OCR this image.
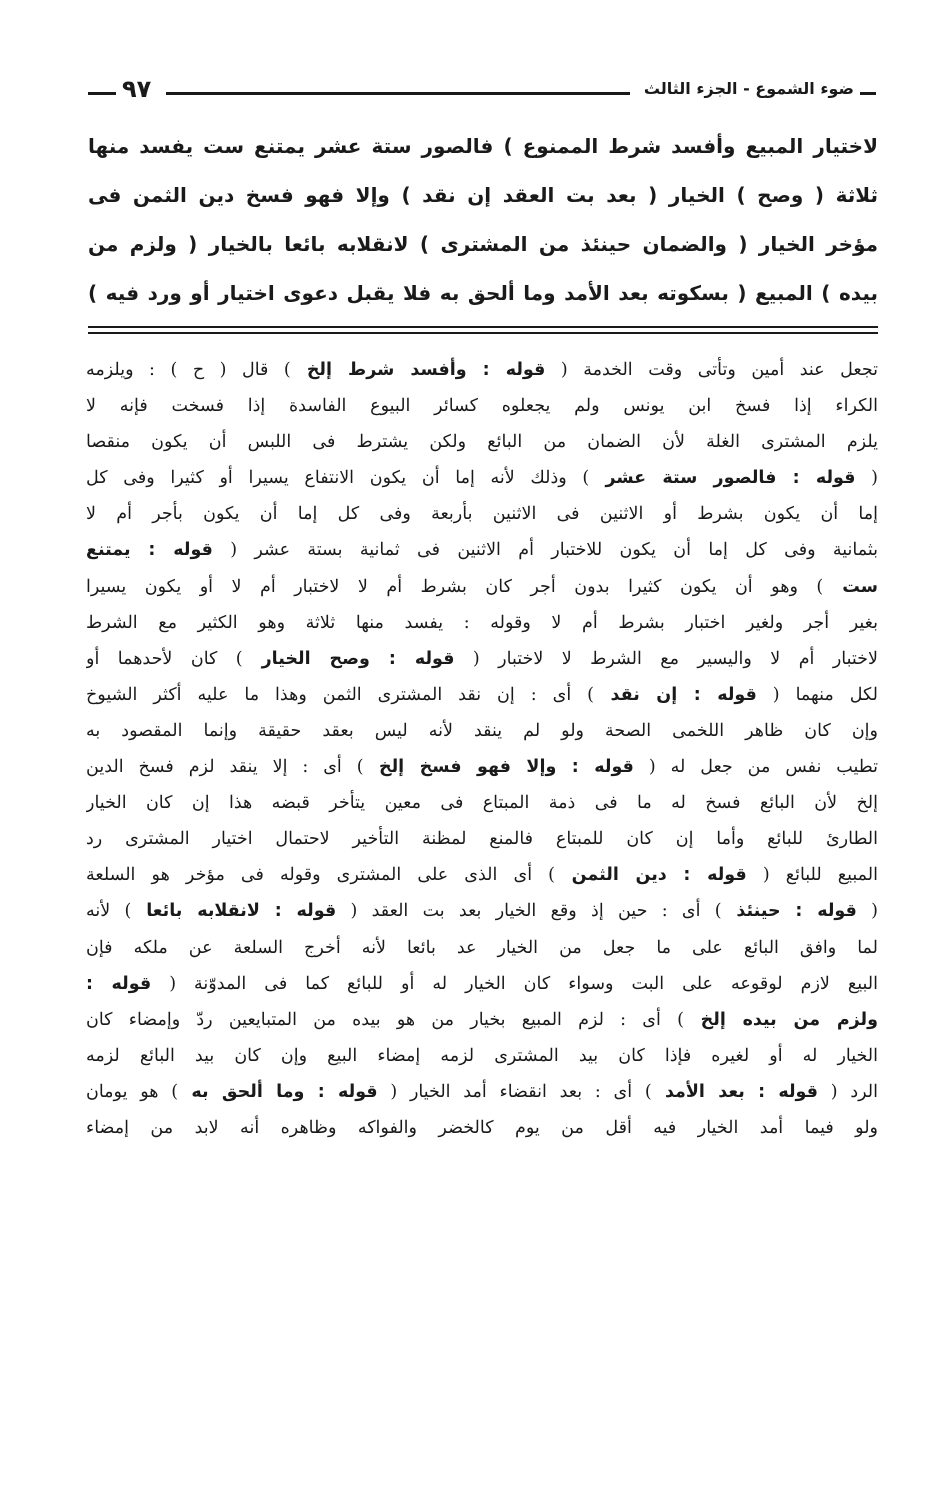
٩٧	ضوء الشموع - الجزء الثالث
لاختيار المبيع وأفسد شرط الممنوع ) فالصور ستة عشر يمتنع ست يفسد منها
ثلاثة ( وصح ) الخيار ( بعد بت العقد إن نقد ) وإلا فهو فسخ دين الثمن فى
مؤخر الخيار ( والضمان حينئذ من المشترى ) لانقلابه بائعا بالخيار ( ولزم من
بيده ) المبيع ( بسكوته بعد الأمد وما ألحق به فلا يقبل دعوى اختيار أو ورد فيه )
تجعل عند أمين وتأتى وقت الخدمة ( قوله : وأفسد شرط إلخ ) قال ( ح ) : ويلزمه
الكراء إذا فسخ ابن يونس ولم يجعلوه كسائر البيوع الفاسدة إذا فسخت فإنه لا
يلزم المشترى الغلة لأن الضمان من البائع ولكن يشترط فى اللبس أن يكون منقصا
( قوله : فالصور ستة عشر ) وذلك لأنه إما أن يكون الانتفاع يسيرا أو كثيرا وفى كل
إما أن يكون بشرط أو الاثنين فى الاثنين بأربعة وفى كل إما أن يكون بأجر أم لا
بثمانية وفى كل إما أن يكون للاختبار أم الاثنين فى ثمانية بستة عشر ( قوله : يمتنع
ست ) وهو أن يكون كثيرا بدون أجر كان بشرط أم لا لاختبار أم لا أو يكون يسيرا
بغير أجر ولغير اختبار بشرط أم لا وقوله : يفسد منها ثلاثة وهو الكثير مع الشرط
لاختبار أم لا واليسير مع الشرط لا لاختبار ( قوله : وصح الخيار ) كان لأحدهما أو
لكل منهما ( قوله : إن نقد ) أى : إن نقد المشترى الثمن وهذا ما عليه أكثر الشيوخ
وإن كان ظاهر اللخمى الصحة ولو لم ينقد لأنه ليس بعقد حقيقة وإنما المقصود به
تطيب نفس من جعل له ( قوله : وإلا فهو فسخ إلخ ) أى : إلا ينقد لزم فسخ الدين
إلخ لأن البائع فسخ له ما فى ذمة المبتاع فى معين يتأخر قبضه هذا إن كان الخيار
الطارئ للبائع وأما إن كان للمبتاع فالمنع لمظنة التأخير لاحتمال اختيار المشترى رد
المبيع للبائع ( قوله : دين الثمن ) أى الذى على المشترى وقوله فى مؤخر هو السلعة
( قوله : حينئذ ) أى : حين إذ وقع الخيار بعد بت العقد ( قوله : لانقلابه بائعا ) لأنه
لما وافق البائع على ما جعل من الخيار عد بائعا لأنه أخرج السلعة عن ملكه فإن
البيع لازم لوقوعه على البت وسواء كان الخيار له أو للبائع كما فى المدوّنة ( قوله :
ولزم من بيده إلخ ) أى : لزم المبيع بخيار من هو بيده من المتبايعين ردّ وإمضاء كان
الخيار له أو لغيره فإذا كان بيد المشترى لزمه إمضاء البيع وإن كان بيد البائع لزمه
الرد ( قوله : بعد الأمد ) أى : بعد انقضاء أمد الخيار ( قوله : وما ألحق به ) هو يومان
ولو فيما أمد الخيار فيه أقل من يوم كالخضر والفواكه وظاهره أنه لابد من إمضاء
